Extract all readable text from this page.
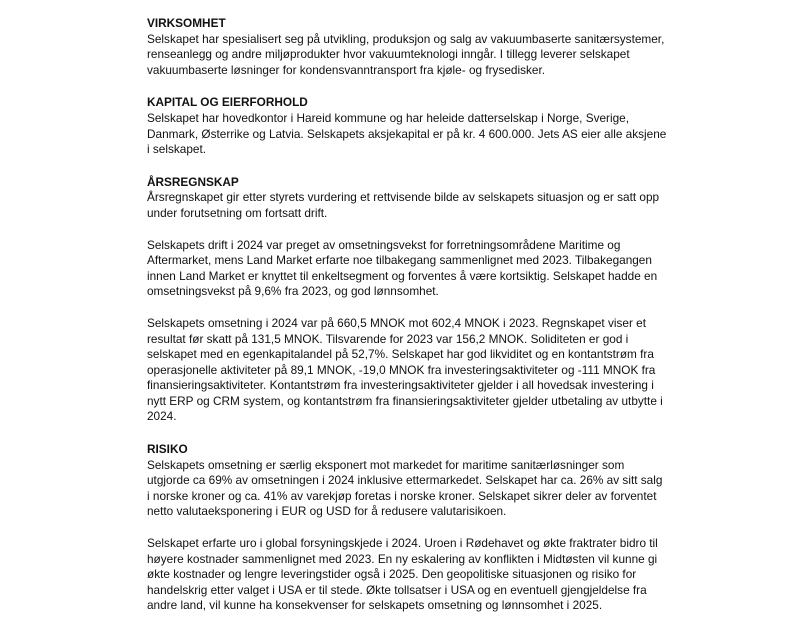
VIRKSOMHET

Selskapet har spesialisert seg på utvikling, produksjon og salg av vakuumbaserte sanitærsystemer, renseanlegg og andre miljøprodukter hvor vakuumteknologi inngår. I tillegg leverer selskapet vakuumbaserte løsninger for kondensvanntransport fra kjøle- og frysedisker.

KAPITAL OG EIERFORHOLD

Selskapet har hovedkontor i Hareid kommune og har heleide datterselskap i Norge, Sverige, Danmark, Østerrike og Latvia. Selskapets aksjekapital er på kr. 4 600.000. Jets AS eier alle aksjene i selskapet.

ÅRSREGNSKAP

Årsregnskapet gir etter styrets vurdering et rettvisende bilde av selskapets situasjon og er satt opp under forutsetning om fortsatt drift.

Selskapets drift i 2024 var preget av omsetningsvekst for forretningsområdene Maritime og Aftermarket, mens Land Market erfarte noe tilbakegang sammenlignet med 2023. Tilbakegangen innen Land Market er knyttet til enkeltsegment og forventes å være kortsiktig. Selskapet hadde en omsetningsvekst på 9,6% fra 2023, og god lønnsomhet.

Selskapets omsetning i 2024 var på 660,5 MNOK mot 602,4 MNOK i 2023. Regnskapet viser et resultat før skatt på 131,5 MNOK. Tilsvarende for 2023 var 156,2 MNOK. Soliditeten er god i selskapet med en egenkapitalandel på 52,7%. Selskapet har god likviditet og en kontantstrøm fra operasjonelle aktiviteter på 89,1 MNOK, -19,0 MNOK fra investeringsaktiviteter og -111 MNOK fra finansieringsaktiviteter. Kontantstrøm fra investeringsaktiviteter gjelder i all hovedsak investering i nytt ERP og CRM system, og kontantstrøm fra finansieringsaktiviteter gjelder utbetaling av utbytte i 2024.

RISIKO

Selskapets omsetning er særlig eksponert mot markedet for maritime sanitærløsninger som utgjorde ca 69% av omsetningen i 2024 inklusive ettermarkedet. Selskapet har ca. 26% av sitt salg i norske kroner og ca. 41% av varekjøp foretas i norske kroner. Selskapet sikrer deler av forventet netto valutaeksponering i EUR og USD for å redusere valutarisikoen.

Selskapet erfarte uro i global forsyningskjede i 2024. Uroen i Rødehavet og økte fraktrater bidro til høyere kostnader sammenlignet med 2023. En ny eskalering av konflikten i Midtøsten vil kunne gi økte kostnader og lengre leveringstider også i 2025. Den geopolitiske situasjonen og risiko for handelskrig etter valget i USA er til stede. Økte tollsatser i USA og en eventuell gjengjeldelse fra andre land, vil kunne ha konsekvenser for selskapets omsetning og lønnsomhet i 2025.
